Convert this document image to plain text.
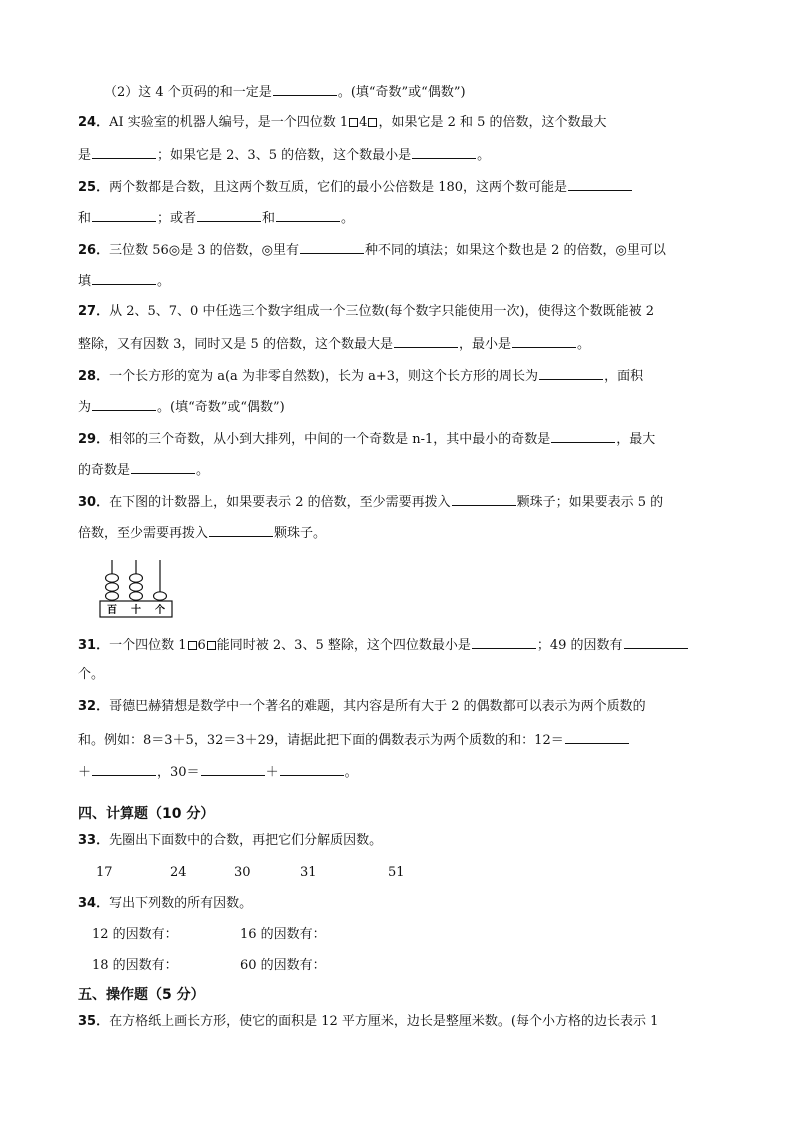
（2）这 4 个页码的和一定是	。(填“奇数”或“偶数”)
24．AI 实验室的机器人编号，是一个四位数 1 4 ，如果它是 2 和 5 的倍数，这个数最大
是	；如果它是 2、3、5 的倍数，这个数最小是	。
25．两个数都是合数，且这两个数互质，它们的最小公倍数是 180，这两个数可能是
和	；或者	和	。
26．三位数 56◎是 3 的倍数，◎里有	种不同的填法；如果这个数也是 2 的倍数，◎里可以
填	。
27．从 2、5、7、0 中任选三个数字组成一个三位数(每个数字只能使用一次)，使得这个数既能被 2
整除，又有因数 3，同时又是 5 的倍数，这个数最大是	，最小是	。
28．一个长方形的宽为 a(a 为非零自然数)，长为 a+3，则这个长方形的周长为	，面积
为	。(填“奇数”或“偶数”)
29．相邻的三个奇数，从小到大排列，中间的一个奇数是 n-1，其中最小的奇数是	，最大
的奇数是	。
30．在下图的计数器上，如果要表示 2 的倍数，至少需要再拨入	颗珠子；如果要表示 5 的
倍数，至少需要再拨入	颗珠子。
百 十 个
31．一个四位数 1 6 能同时被 2、3、5 整除，这个四位数最小是	；49 的因数有
个。
32．哥德巴赫猜想是数学中一个著名的难题，其内容是所有大于 2 的偶数都可以表示为两个质数的
和。例如：8＝3＋5，32＝3＋29，请据此把下面的偶数表示为两个质数的和：12＝
＋	，30＝	＋	。
四、计算题（10 分）
33．先圈出下面数中的合数，再把它们分解质因数。
17	24	30	31	51
34．写出下列数的所有因数。
12 的因数有：	16 的因数有：
18 的因数有：	60 的因数有：
五、操作题（5 分）
35．在方格纸上画长方形，使它的面积是 12 平方厘米，边长是整厘米数。(每个小方格的边长表示 1
